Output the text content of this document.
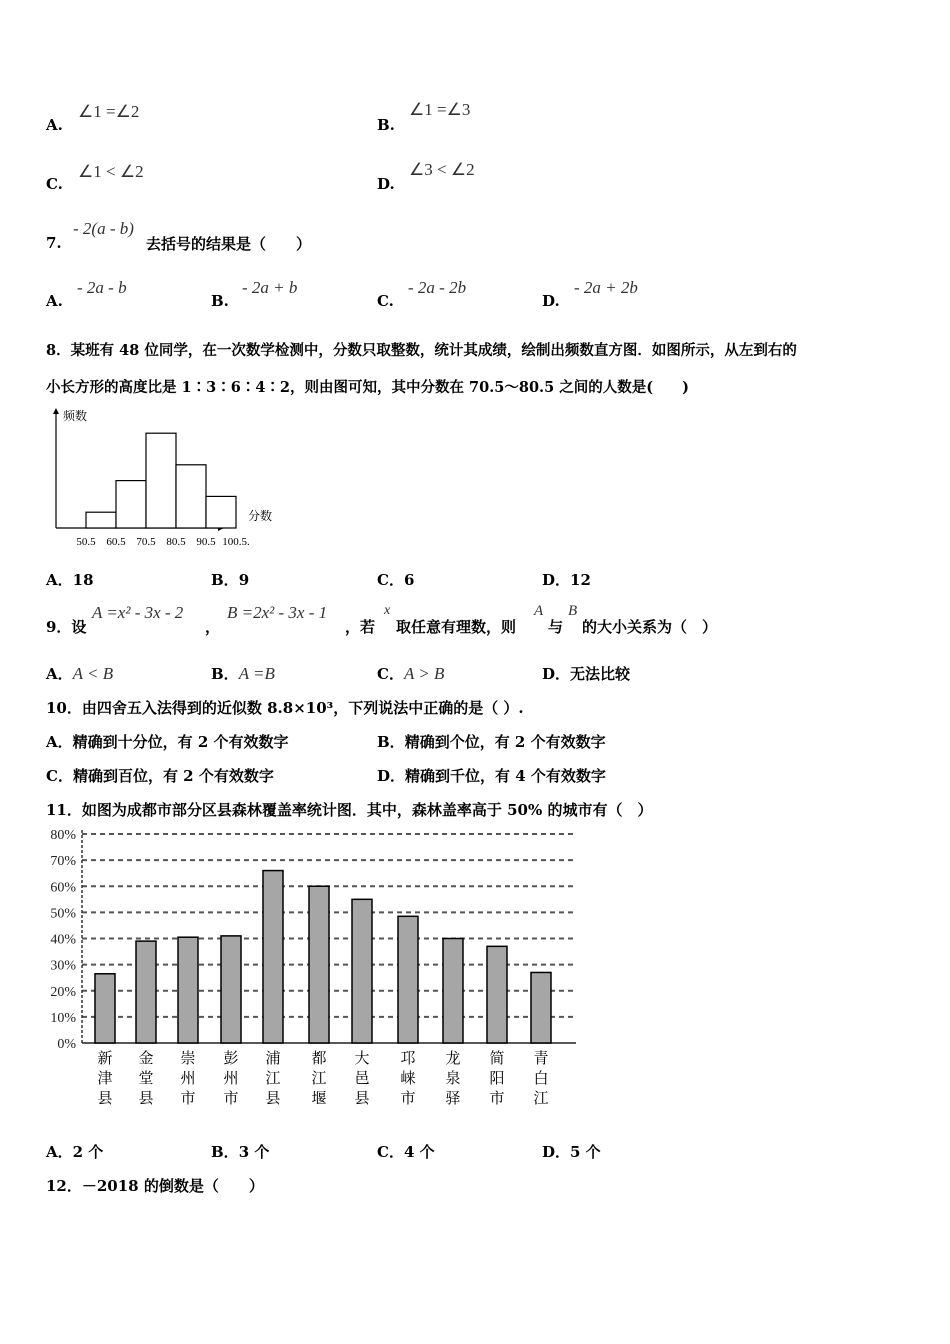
A.
∠1 =∠2
B.
∠1 =∠3
C.
∠1 < ∠2
D.
∠3 < ∠2
7.
- 2(a - b)
去括号的结果是（　　）
A.
- 2a - b
B.
- 2a + b
C.
- 2a - 2b
D.
- 2a + 2b
8．某班有 48 位同学，在一次数学检测中，分数只取整数，统计其成绩，绘制出频数直方图．如图所示，从左到右的
小长方形的高度比是 1∶3∶6∶4∶2，则由图可知，其中分数在 70.5～80.5 之间的人数是(　　)
频数
分数
50.5 60.5 70.5 80.5 90.5 100.5.
A．18	B．9	C．6	D．12
9．设
A =x² - 3x - 2
，
B =2x² - 3x - 1
，若
x
取任意有理数，则
A
与
B
的大小关系为（　）
A．A < B	B．A =B	C．A > B	D．无法比较
10．由四舍五入法得到的近似数 8.8×10³，下列说法中正确的是（ ）.
A．精确到十分位，有 2 个有效数字	B．精确到个位，有 2 个有效数字
C．精确到百位，有 2 个有效数字	D．精确到千位，有 4 个有效数字
11．如图为成都市部分区县森林覆盖率统计图．其中，森林盖率高于 50% 的城市有（　）
0%
10%
20%
30%
40%
50%
60%
70%
80%
新津县
金堂县
崇州市
彭州市
浦江县
都江堰
大邑县
邛崃市
龙泉驿
简阳市
青白江
A．2 个	B．3 个	C．4 个	D．5 个
12．－2018 的倒数是（　　）
